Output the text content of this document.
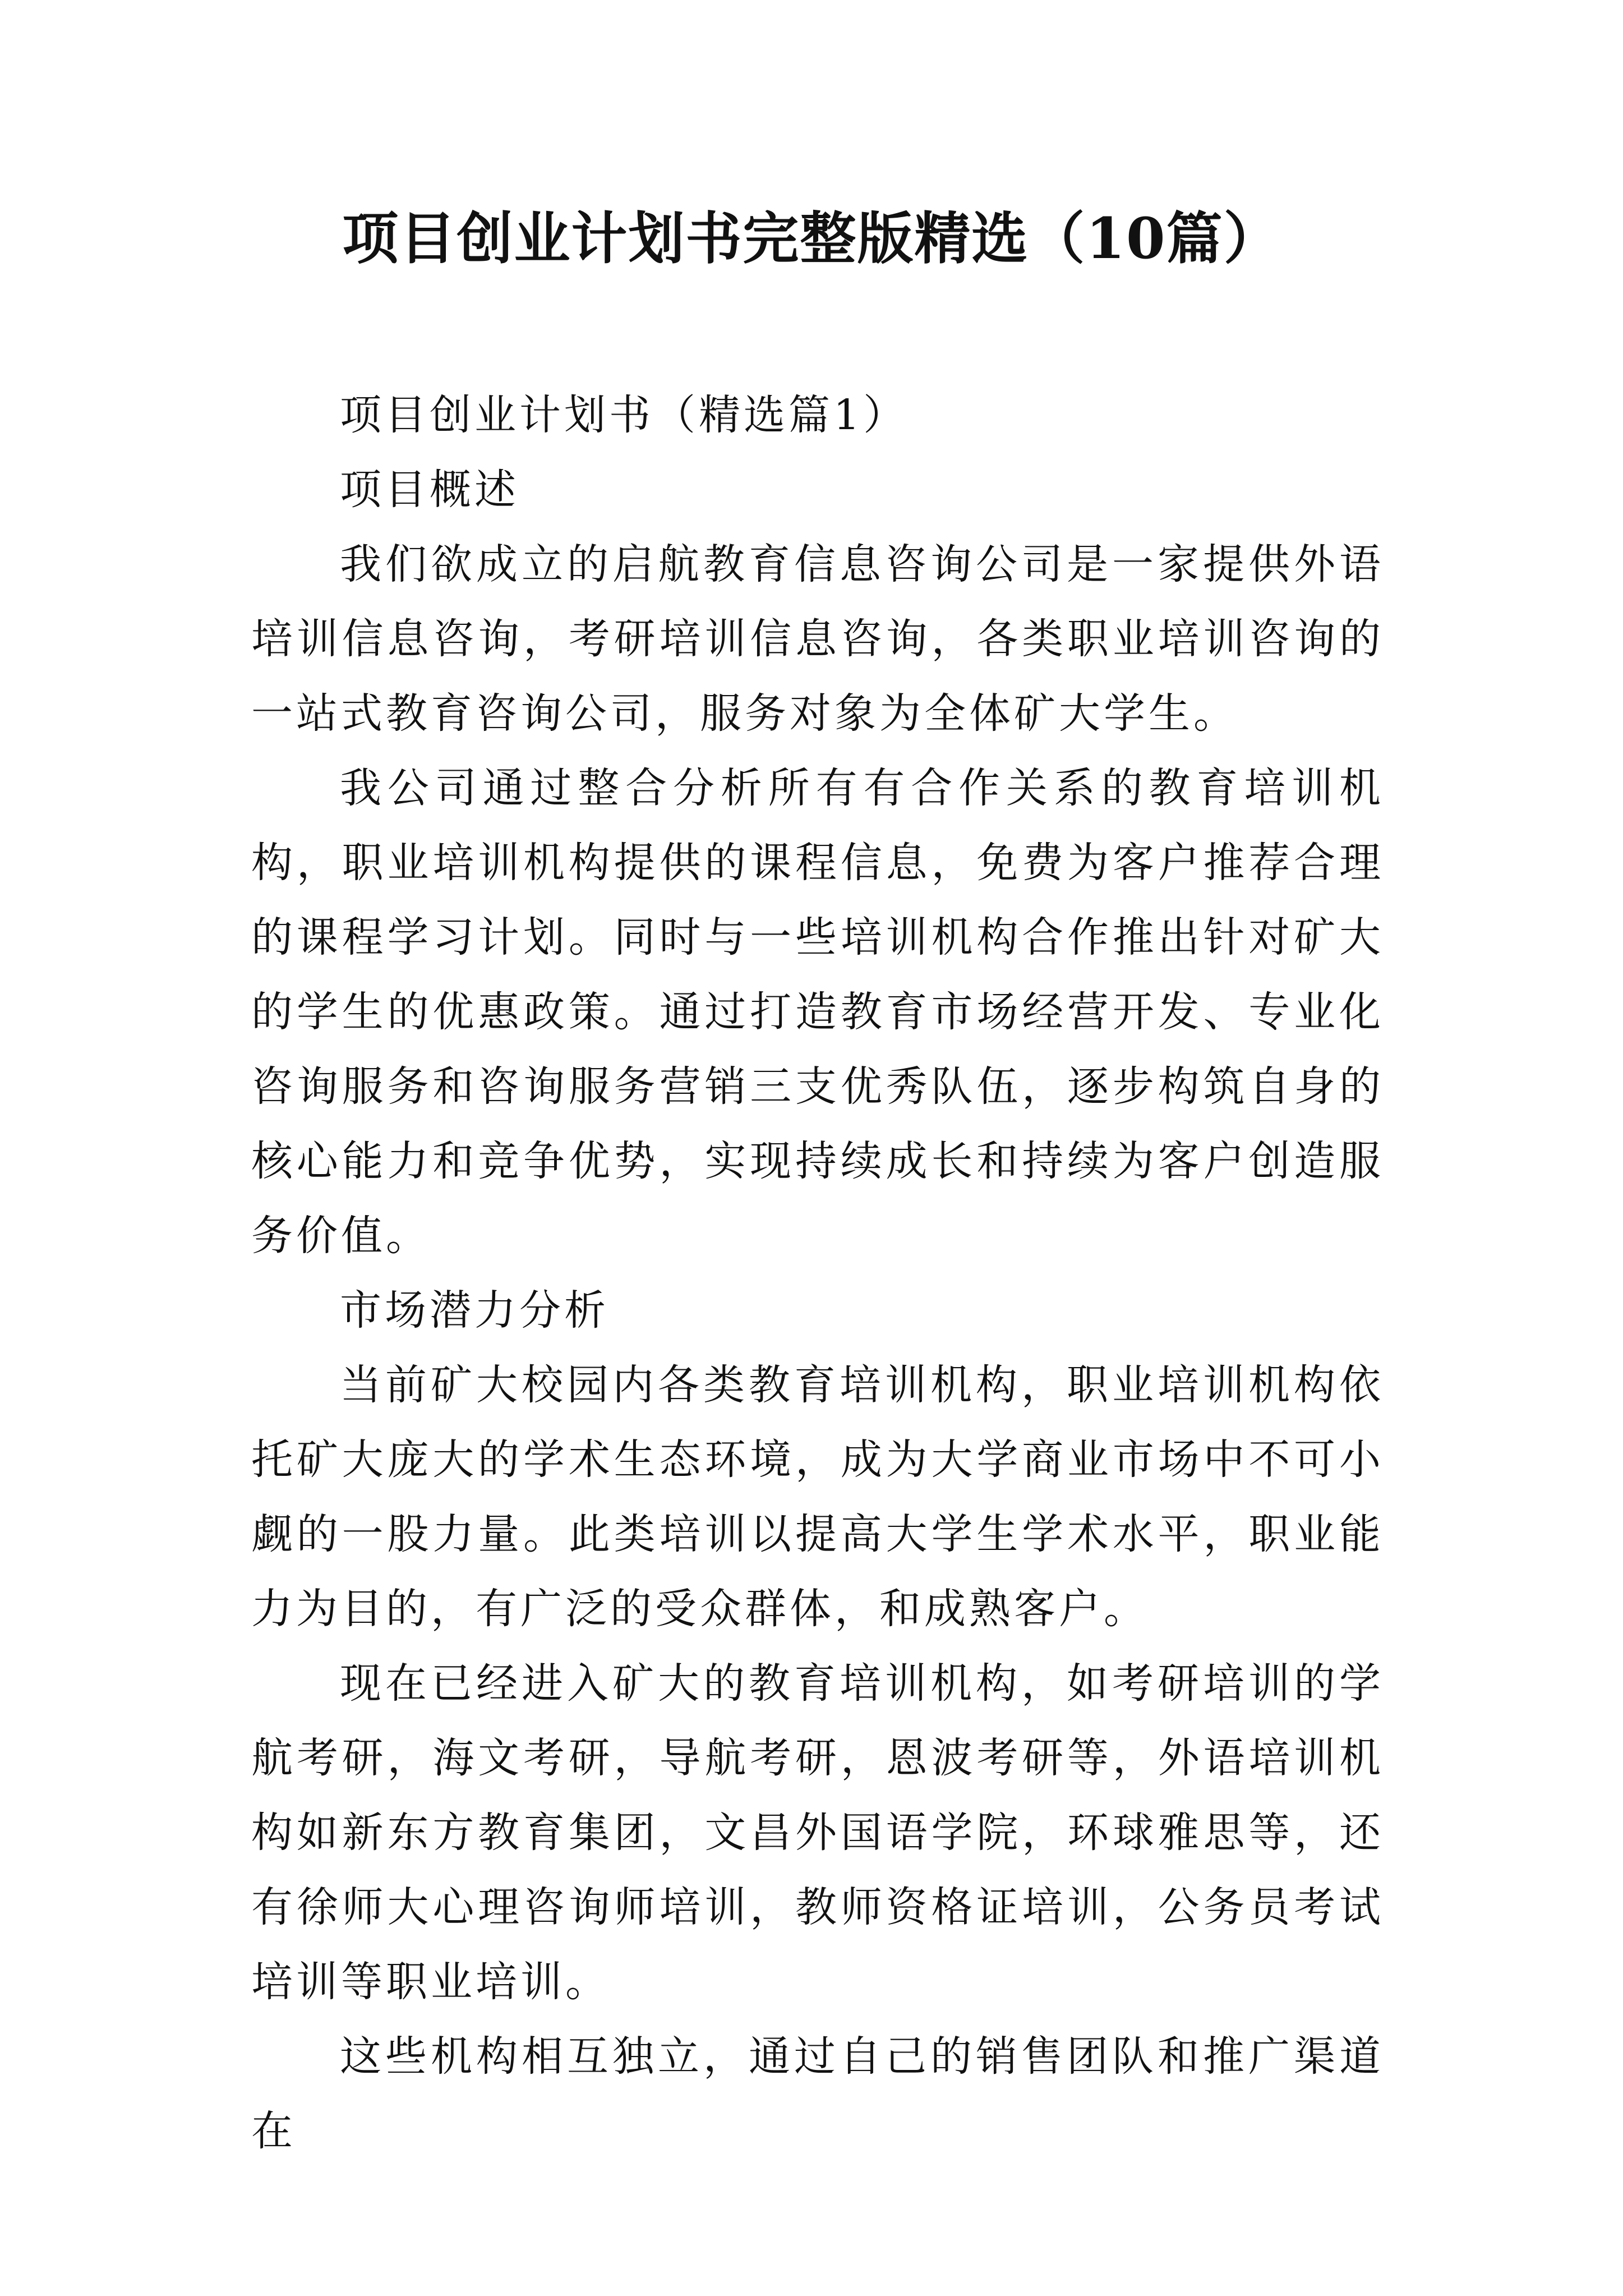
项目创业计划书完整版精选（10篇）

项目创业计划书（精选篇1）

项目概述

我们欲成立的启航教育信息咨询公司是一家提供外语培训信息咨询，考研培训信息咨询，各类职业培训咨询的一站式教育咨询公司，服务对象为全体矿大学生。

我公司通过整合分析所有有合作关系的教育培训机构，职业培训机构提供的课程信息，免费为客户推荐合理的课程学习计划。同时与一些培训机构合作推出针对矿大的学生的优惠政策。通过打造教育市场经营开发、专业化咨询服务和咨询服务营销三支优秀队伍，逐步构筑自身的核心能力和竞争优势，实现持续成长和持续为客户创造服务价值。

市场潜力分析

当前矿大校园内各类教育培训机构，职业培训机构依托矿大庞大的学术生态环境，成为大学商业市场中不可小觑的一股力量。此类培训以提高大学生学术水平，职业能力为目的，有广泛的受众群体，和成熟客户。

现在已经进入矿大的教育培训机构，如考研培训的学航考研，海文考研，导航考研，恩波考研等，外语培训机构如新东方教育集团，文昌外国语学院，环球雅思等，还有徐师大心理咨询师培训，教师资格证培训，公务员考试培训等职业培训。

这些机构相互独立，通过自己的销售团队和推广渠道在
